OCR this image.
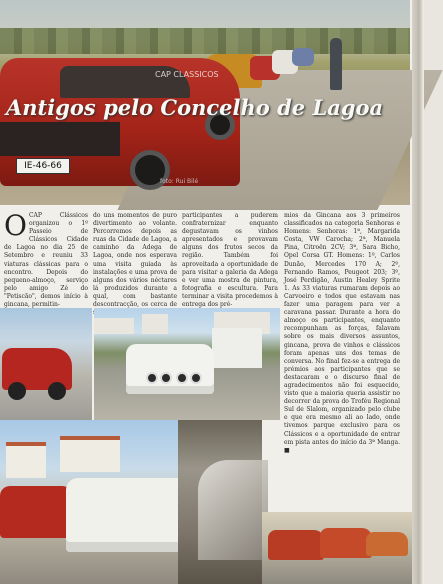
IE-46-66
CAP CLASSICOS
foto: Rui Bilé
Antigos pelo Concelho de Lagoa
O CAP Clássicos organizou o 1º Passeio de Clássicos Cidade de Lagoa no dia 25 de Setembro e reuniu 33 viaturas clássicas para o encontro. Depois do pequeno-almoço, serviço pelo amigo Zé do "Petiscão", demos início à gincana, permitin-

do uns momentos de puro divertimento ao volante. Percorremos depois as ruas da Cidade de Lagoa, a caminho da Adega de Lagoa, onde nos esperava uma visita guiada às instalações e uma prova de alguns dos vários néctares lá produzidos durante a qual, com bastante descontracção, os cerca de

participantes a puderem confraternizar enquanto degustavam os vinhos apresentados e provavam alguns dos frutos secos da região. Também foi aproveitada a oportunidade de para visitar a galeria da Adega e ver uma mostra de pintura, fotografia e escultura. Para terminar a visita procedemos à entrega dos pré-

mios da Gincana aos 3 primeiros classificados na categoria Senhoras e Homens: Senhoras: 1ª, Margarida Costa, VW Carocha; 2ª, Manuela Pina, Citroën 2CV; 3ª, Sara Bicho, Opel Corsa GT. Homens: 1º, Carlos Dunão, Mercedes 170 A; 2º, Fernando Ramos, Peugeot 203; 3º, José Perdigão, Austin Healey Sprite 1. As 33 viaturas rumaram depois ao Carvoeiro e todos que estavam nas fazer uma paragem para ver a caravana passar. Durante a hora do almoço os participantes, enquanto recompunham as forças, falavam sobre os mais diversos assuntos, gincana, prova de vinhos e clássicos foram apenas uns dos temas de conversa. No final fez-se a entrega de prémios aos participantes que se destacaram e o discurso final de agradecimentos não foi esquecido, visto que a maioria queria assistir no decorrer da prova do Troféu Regional Sul de Slalom, organizado pelo clube e que era mesmo ali ao lado, onde tivemos parque exclusivo para os Clássicos e a oportunidade de entrar em pista antes do início da 3ª Manga. ■
